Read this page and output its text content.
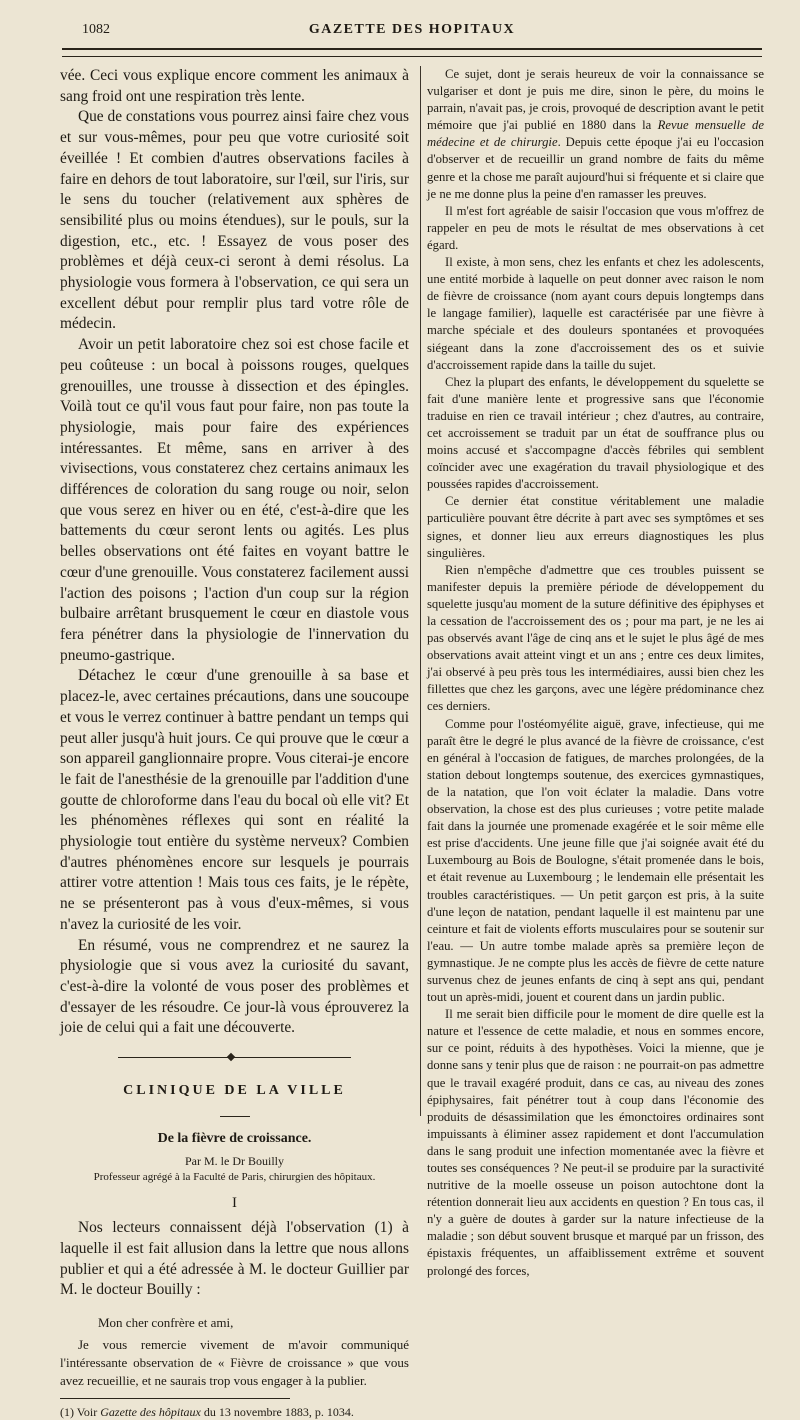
1082	GAZETTE DES HOPITAUX

vée. Ceci vous explique encore comment les animaux à sang froid ont une respiration très lente.

Que de constations vous pourrez ainsi faire chez vous et sur vous-mêmes, pour peu que votre curiosité soit éveillée ! Et combien d'autres observations faciles à faire en dehors de tout laboratoire, sur l'œil, sur l'iris, sur le sens du toucher (relativement aux sphères de sensibilité plus ou moins étendues), sur le pouls, sur la digestion, etc., etc. ! Essayez de vous poser des problèmes et déjà ceux-ci seront à demi résolus. La physiologie vous formera à l'observation, ce qui sera un excellent début pour remplir plus tard votre rôle de médecin.

Avoir un petit laboratoire chez soi est chose facile et peu coûteuse : un bocal à poissons rouges, quelques grenouilles, une trousse à dissection et des épingles. Voilà tout ce qu'il vous faut pour faire, non pas toute la physiologie, mais pour faire des expériences intéressantes. Et même, sans en arriver à des vivisections, vous constaterez chez certains animaux les différences de coloration du sang rouge ou noir, selon que vous serez en hiver ou en été, c'est-à-dire que les battements du cœur seront lents ou agités. Les plus belles observations ont été faites en voyant battre le cœur d'une grenouille. Vous constaterez facilement aussi l'action des poisons ; l'action d'un coup sur la région bulbaire arrêtant brusquement le cœur en diastole vous fera pénétrer dans la physiologie de l'innervation du pneumo-gastrique.

Détachez le cœur d'une grenouille à sa base et placez-le, avec certaines précautions, dans une soucoupe et vous le verrez continuer à battre pendant un temps qui peut aller jusqu'à huit jours. Ce qui prouve que le cœur a son appareil ganglionnaire propre. Vous citerai-je encore le fait de l'anesthésie de la grenouille par l'addition d'une goutte de chloroforme dans l'eau du bocal où elle vit? Et les phénomènes réflexes qui sont en réalité la physiologie tout entière du système nerveux? Combien d'autres phénomènes encore sur lesquels je pourrais attirer votre attention ! Mais tous ces faits, je le répète, ne se présenteront pas à vous d'eux-mêmes, si vous n'avez la curiosité de les voir.

En résumé, vous ne comprendrez et ne saurez la physiologie que si vous avez la curiosité du savant, c'est-à-dire la volonté de vous poser des problèmes et d'essayer de les résoudre. Ce jour-là vous éprouverez la joie de celui qui a fait une découverte.

CLINIQUE DE LA VILLE
De la fièvre de croissance.
Par M. le Dr Bouilly
Professeur agrégé à la Faculté de Paris, chirurgien des hôpitaux.
I

Nos lecteurs connaissent déjà l'observation (1) à laquelle il est fait allusion dans la lettre que nous allons publier et qui a été adressée à M. le docteur Guillier par M. le docteur Bouilly :

Mon cher confrère et ami,

Je vous remercie vivement de m'avoir communiqué l'intéressante observation de « Fièvre de croissance » que vous avez recueillie, et ne saurais trop vous engager à la publier.

(1) Voir Gazette des hôpitaux du 13 novembre 1883, p. 1034.

Ce sujet, dont je serais heureux de voir la connaissance se vulgariser et dont je puis me dire, sinon le père, du moins le parrain, n'avait pas, je crois, provoqué de description avant le petit mémoire que j'ai publié en 1880 dans la Revue mensuelle de médecine et de chirurgie. Depuis cette époque j'ai eu l'occasion d'observer et de recueillir un grand nombre de faits du même genre et la chose me paraît aujourd'hui si fréquente et si claire que je ne me donne plus la peine d'en ramasser les preuves.

Il m'est fort agréable de saisir l'occasion que vous m'offrez de rappeler en peu de mots le résultat de mes observations à cet égard.

Il existe, à mon sens, chez les enfants et chez les adolescents, une entité morbide à laquelle on peut donner avec raison le nom de fièvre de croissance (nom ayant cours depuis longtemps dans le langage familier), laquelle est caractérisée par une fièvre à marche spéciale et des douleurs spontanées et provoquées siégeant dans la zone d'accroissement des os et suivie d'accroissement rapide dans la taille du sujet.

Chez la plupart des enfants, le développement du squelette se fait d'une manière lente et progressive sans que l'économie traduise en rien ce travail intérieur ; chez d'autres, au contraire, cet accroissement se traduit par un état de souffrance plus ou moins accusé et s'accompagne d'accès fébriles qui semblent coïncider avec une exagération du travail physiologique et des poussées rapides d'accroissement.

Ce dernier état constitue véritablement une maladie particulière pouvant être décrite à part avec ses symptômes et ses signes, et donner lieu aux erreurs diagnostiques les plus singulières.

Rien n'empêche d'admettre que ces troubles puissent se manifester depuis la première période de développement du squelette jusqu'au moment de la suture définitive des épiphyses et la cessation de l'accroissement des os ; pour ma part, je ne les ai pas observés avant l'âge de cinq ans et le sujet le plus âgé de mes observations avait atteint vingt et un ans ; entre ces deux limites, j'ai observé à peu près tous les intermédiaires, aussi bien chez les fillettes que chez les garçons, avec une légère prédominance chez ces derniers.

Comme pour l'ostéomyélite aiguë, grave, infectieuse, qui me paraît être le degré le plus avancé de la fièvre de croissance, c'est en général à l'occasion de fatigues, de marches prolongées, de la station debout longtemps soutenue, des exercices gymnastiques, de la natation, que l'on voit éclater la maladie. Dans votre observation, la chose est des plus curieuses ; votre petite malade fait dans la journée une promenade exagérée et le soir même elle est prise d'accidents. Une jeune fille que j'ai soignée avait été du Luxembourg au Bois de Boulogne, s'était promenée dans le bois, et était revenue au Luxembourg ; le lendemain elle présentait les troubles caractéristiques. — Un petit garçon est pris, à la suite d'une leçon de natation, pendant laquelle il est maintenu par une ceinture et fait de violents efforts musculaires pour se soutenir sur l'eau. — Un autre tombe malade après sa première leçon de gymnastique. Je ne compte plus les accès de fièvre de cette nature survenus chez de jeunes enfants de cinq à sept ans qui, pendant tout un après-midi, jouent et courent dans un jardin public.

Il me serait bien difficile pour le moment de dire quelle est la nature et l'essence de cette maladie, et nous en sommes encore, sur ce point, réduits à des hypothèses. Voici la mienne, que je donne sans y tenir plus que de raison : ne pourrait-on pas admettre que le travail exagéré produit, dans ce cas, au niveau des zones épiphysaires, fait pénétrer tout à coup dans l'économie des produits de désassimilation que les émonctoires ordinaires sont impuissants à éliminer assez rapidement et dont l'accumulation dans le sang produit une infection momentanée avec la fièvre et toutes ses conséquences ? Ne peut-il se produire par la suractivité nutritive de la moelle osseuse un poison autochtone dont la rétention donnerait lieu aux accidents en question ? En tous cas, il n'y a guère de doutes à garder sur la nature infectieuse de la maladie ; son début souvent brusque et marqué par un frisson, des épistaxis fréquentes, un affaiblissement extrême et souvent prolongé des forces,
